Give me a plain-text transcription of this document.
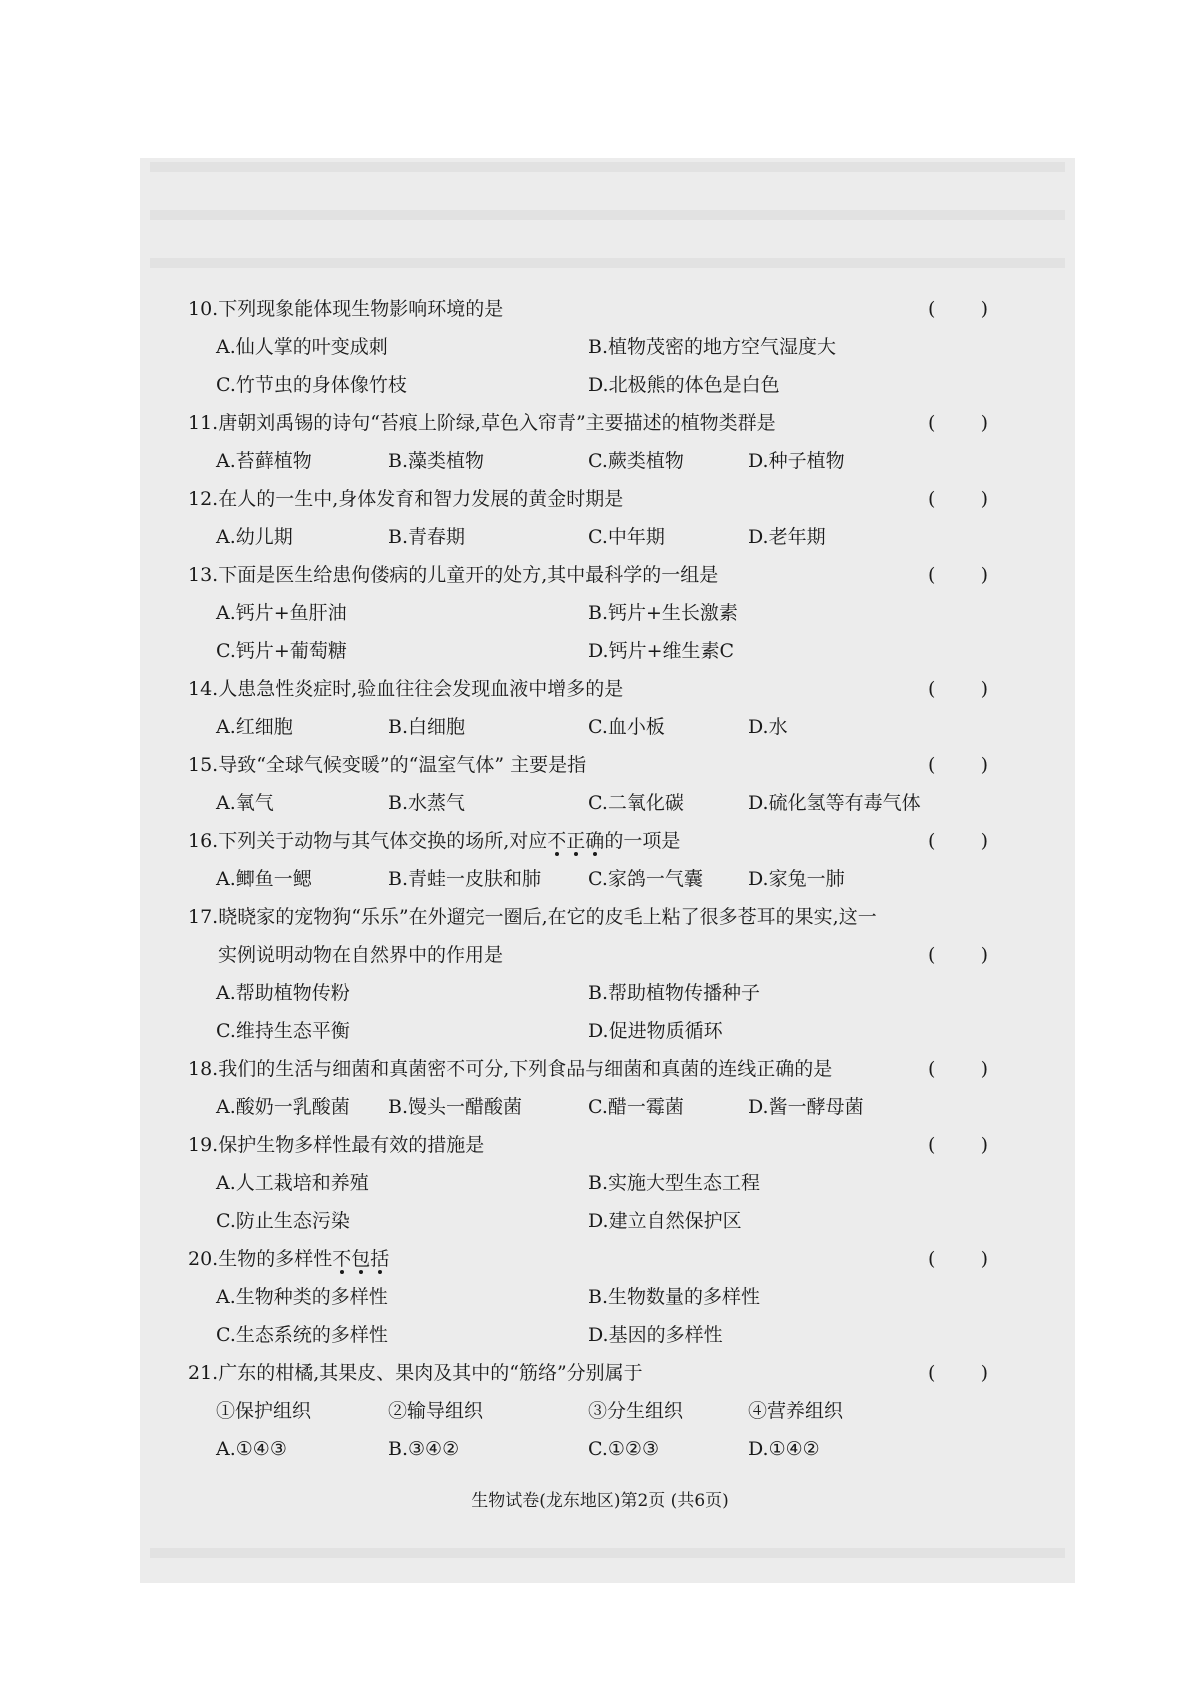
10.下列现象能体现生物影响环境的是	( )
A.仙人掌的叶变成刺	B.植物茂密的地方空气湿度大
C.竹节虫的身体像竹枝	D.北极熊的体色是白色
11.唐朝刘禹锡的诗句“苔痕上阶绿,草色入帘青”主要描述的植物类群是	( )
A.苔藓植物	B.藻类植物	C.蕨类植物	D.种子植物
12.在人的一生中,身体发育和智力发展的黄金时期是	( )
A.幼儿期	B.青春期	C.中年期	D.老年期
13.下面是医生给患佝偻病的儿童开的处方,其中最科学的一组是	( )
A.钙片+鱼肝油	B.钙片+生长激素
C.钙片+葡萄糖	D.钙片+维生素C
14.人患急性炎症时,验血往往会发现血液中增多的是	( )
A.红细胞	B.白细胞	C.血小板	D.水
15.导致“全球气候变暖”的“温室气体” 主要是指	( )
A.氧气	B.水蒸气	C.二氧化碳	D.硫化氢等有毒气体
16.下列关于动物与其气体交换的场所,对应不正确的一项是	( )
A.鲫鱼一鳃	B.青蛙一皮肤和肺 C.家鸽一气囊 D.家兔一肺
17.晓晓家的宠物狗“乐乐”在外遛完一圈后,在它的皮毛上粘了很多苍耳的果实,这一
实例说明动物在自然界中的作用是	( )
A.帮助植物传粉	B.帮助植物传播种子
C.维持生态平衡	D.促进物质循环
18.我们的生活与细菌和真菌密不可分,下列食品与细菌和真菌的连线正确的是	( )
A.酸奶一乳酸菌 B.馒头一醋酸菌	C.醋一霉菌	D.酱一酵母菌
19.保护生物多样性最有效的措施是	( )
A.人工栽培和养殖	B.实施大型生态工程
C.防止生态污染	D.建立自然保护区
20.生物的多样性不包括	( )
A.生物种类的多样性	B.生物数量的多样性
C.生态系统的多样性	D.基因的多样性
21.广东的柑橘,其果皮、果肉及其中的“筋络”分别属于	( )
①保护组织	②输导组织	③分生组织	④营养组织
A.①④③	B.③④②	C.①②③	D.①④②
生物试卷(龙东地区)第2页 (共6页)
